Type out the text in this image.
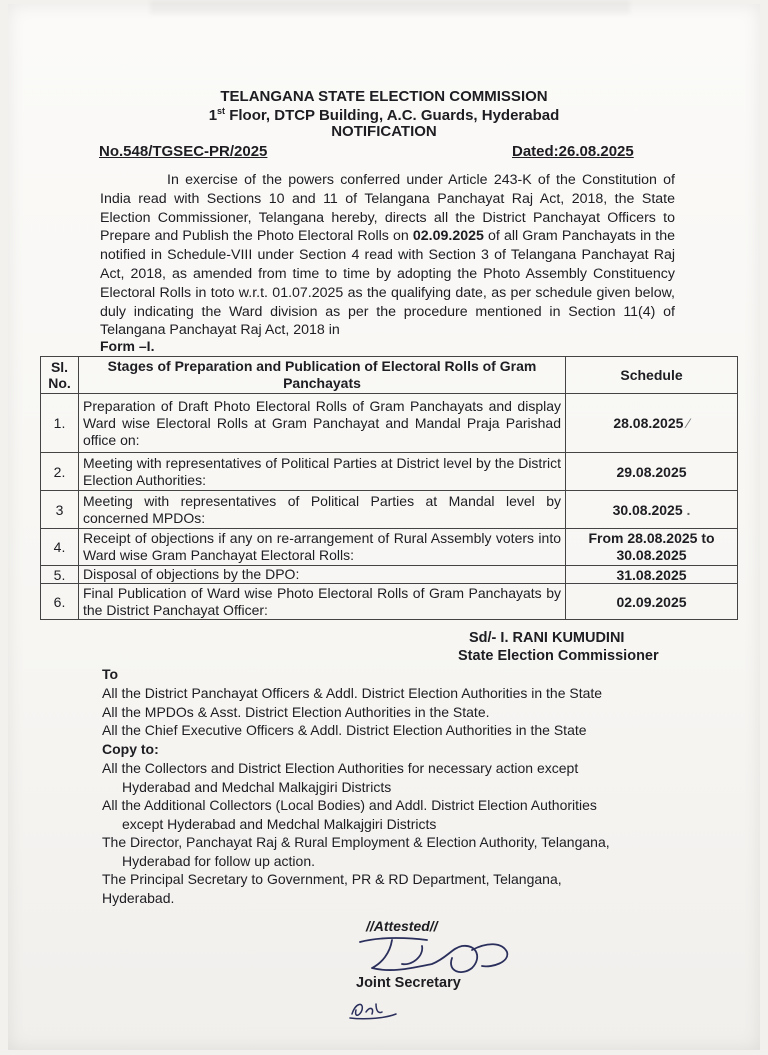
TELANGANA STATE ELECTION COMMISSION
1st Floor, DTCP Building, A.C. Guards, Hyderabad
NOTIFICATION
No.548/TGSEC-PR/2025	Dated:26.08.2025
In exercise of the powers conferred under Article 243-K of the Constitution of India read with Sections 10 and 11 of Telangana Panchayat Raj Act, 2018, the State Election Commissioner, Telangana hereby, directs all the District Panchayat Officers to Prepare and Publish the Photo Electoral Rolls on 02.09.2025 of all Gram Panchayats in the notified in Schedule-VIII under Section 4 read with Section 3 of Telangana Panchayat Raj Act, 2018, as amended from time to time by adopting the Photo Assembly Constituency Electoral Rolls in toto w.r.t. 01.07.2025 as the qualifying date, as per schedule given below, duly indicating the Ward division as per the procedure mentioned in Section 11(4) of Telangana Panchayat Raj Act, 2018 in
Form –I.
Sl. No.	Stages of Preparation and Publication of Electoral Rolls of Gram Panchayats	Schedule
1.	Preparation of Draft Photo Electoral Rolls of Gram Panchayats and display Ward wise Electoral Rolls at Gram Panchayat and Mandal Praja Parishad office on:	28.08.2025 ⁄
2.	Meeting with representatives of Political Parties at District level by the District Election Authorities:	29.08.2025
3	Meeting with representatives of Political Parties at Mandal level by concerned MPDOs:	30.08.2025 .
4.	Receipt of objections if any on re-arrangement of Rural Assembly voters into Ward wise Gram Panchayat Electoral Rolls:	From 28.08.2025 to
30.08.2025

5.	Disposal of objections by the DPO:	31.08.2025
6.	Final Publication of Ward wise Photo Electoral Rolls of Gram Panchayats by the District Panchayat Officer:	02.09.2025
Sd/- I. RANI KUMUDINI
State Election Commissioner
To
All the District Panchayat Officers & Addl. District Election Authorities in the State
All the MPDOs & Asst. District Election Authorities in the State.
All the Chief Executive Officers & Addl. District Election Authorities in the State
Copy to:
All the Collectors and District Election Authorities for necessary action except
Hyderabad and Medchal Malkajgiri Districts
All the Additional Collectors (Local Bodies) and Addl. District Election Authorities
except Hyderabad and Medchal Malkajgiri Districts
The Director, Panchayat Raj & Rural Employment & Election Authority, Telangana,
Hyderabad for follow up action.
The Principal Secretary to Government, PR & RD Department, Telangana,
Hyderabad.
//Attested//
Joint Secretary
